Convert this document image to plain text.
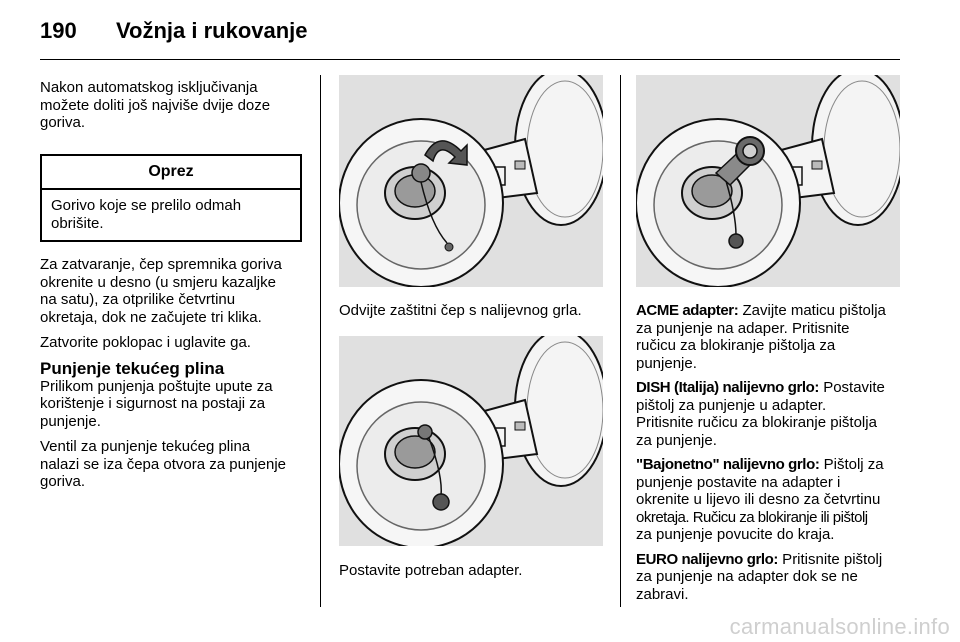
190 Vožnja i rukovanje

Nakon automatskog isključivanja
možete doliti još najviše dvije doze
goriva.

Oprez
Gorivo koje se prelilo odmah
obrišite.

Za zatvaranje, čep spremnika goriva
okrenite u desno (u smjeru kazaljke
na satu), za otprilike četvrtinu
okretaja, dok ne začujete tri klika.

Zatvorite poklopac i uglavite ga.

Punjenje tekućeg plina

Prilikom punjenja poštujte upute za
korištenje i sigurnost na postaji za
punjenje.

Ventil za punjenje tekućeg plina
nalazi se iza čepa otvora za punjenje
goriva.

Odvijte zaštitni čep s nalijevnog grla.

Postavite potreban adapter.

ACME adapter: Zavijte maticu pištolja
za punjenje na adaper. Pritisnite
ručicu za blokiranje pištolja za
punjenje.

DISH (Italija) nalijevno grlo: Postavite
pištolj za punjenje u adapter.
Pritisnite ručicu za blokiranje pištolja
za punjenje.

"Bajonetno" nalijevno grlo: Pištolj za
punjenje postavite na adapter i
okrenite u lijevo ili desno za četvrtinu
okretaja. Ručicu za blokiranje ili pištolj
za punjenje povucite do kraja.

EURO nalijevno grlo: Pritisnite pištolj
za punjenje na adapter dok se ne
zabravi.

carmanualsonline.info
